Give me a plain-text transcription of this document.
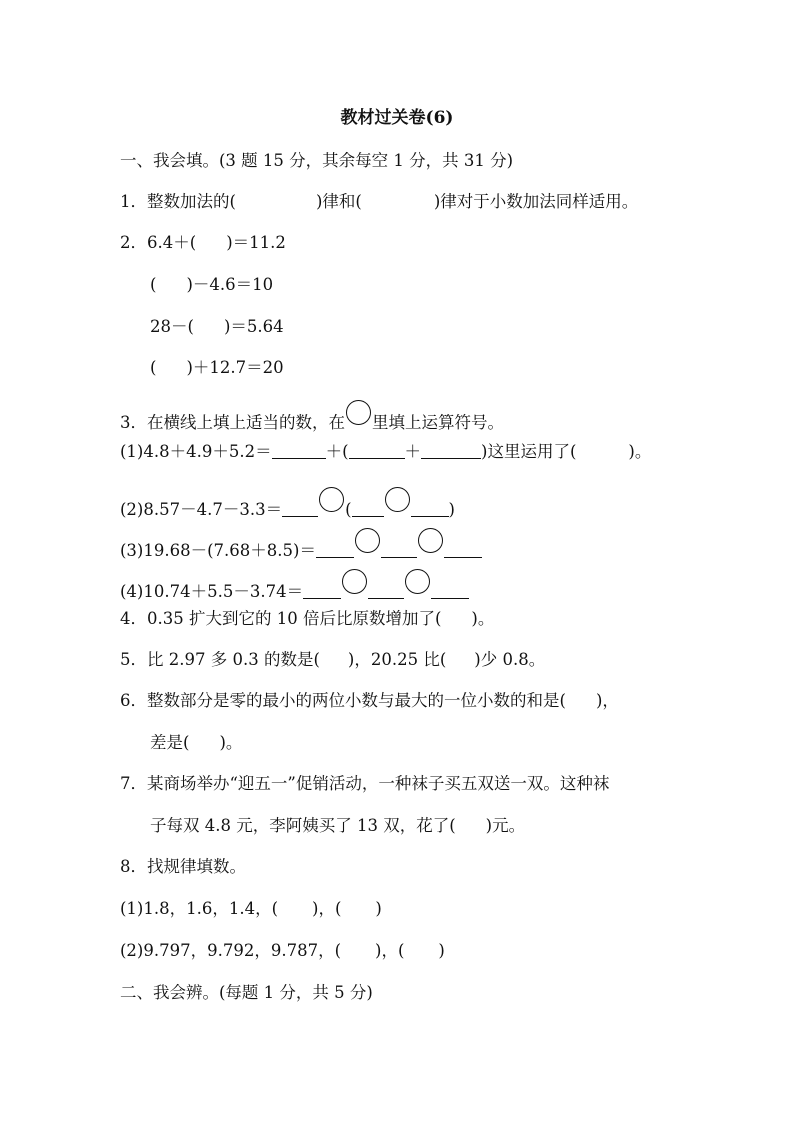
教材过关卷(6)
一、我会填。(3 题 15 分，其余每空 1 分，共 31 分)
1．整数加法的(	)律和(	)律对于小数加法同样适用。
2．6.4＋( )＝11.2
( )－4.6＝10
28－( )＝5.64
( )＋12.7＝20
3．在横线上填上适当的数，在 里填上运算符号。
(1)4.8＋4.9＋5.2＝	＋(	＋	)这里运用了(	)。
(2)8.57－4.7－3.3＝	(	)
(3)19.68－(7.68＋8.5)＝
(4)10.74＋5.5－3.74＝
4．0.35 扩大到它的 10 倍后比原数增加了( )。
5．比 2.97 多 0.3 的数是( )，20.25 比( )少 0.8。
6．整数部分是零的最小的两位小数与最大的一位小数的和是( )，
差是( )。
7．某商场举办“迎五一”促销活动，一种袜子买五双送一双。这种袜
子每双 4.8 元，李阿姨买了 13 双，花了( )元。
8．找规律填数。
(1)1.8，1.6，1.4，( )，( )
(2)9.797，9.792，9.787，( )，( )
二、我会辨。(每题 1 分，共 5 分)
